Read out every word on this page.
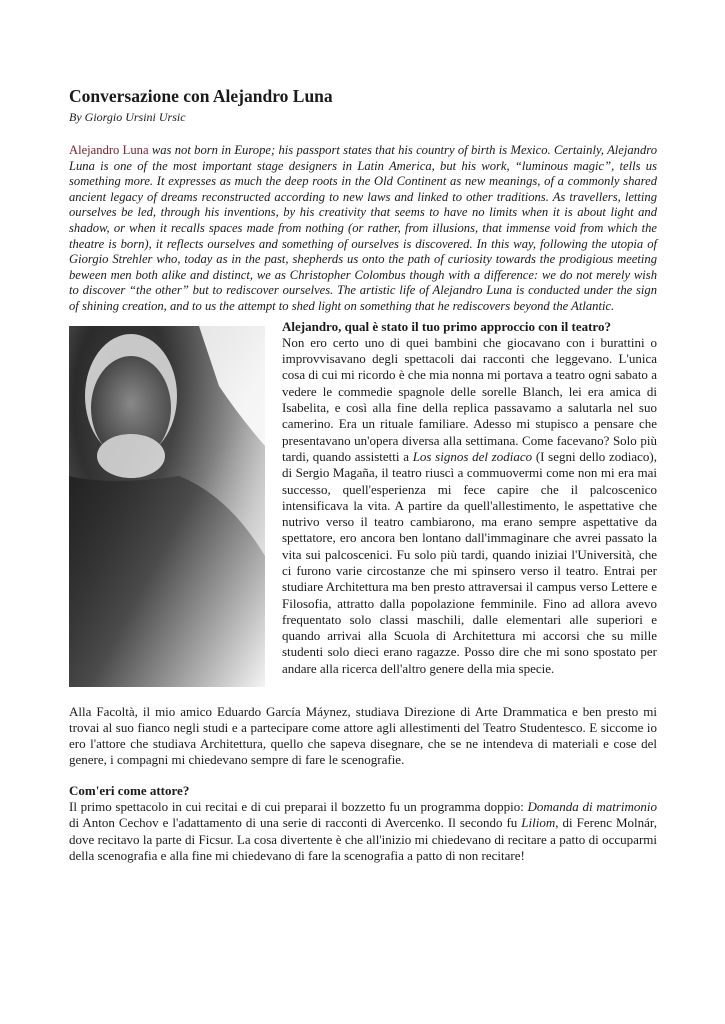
Conversazione con Alejandro Luna
By Giorgio Ursini Ursic
Alejandro Luna was not born in Europe; his passport states that his country of birth is Mexico. Certainly, Alejandro Luna is one of the most important stage designers in Latin America, but his work, “luminous magic”, tells us something more. It expresses as much the deep roots in the Old Continent as new meanings, of a commonly shared ancient legacy of dreams reconstructed according to new laws and linked to other traditions. As travellers, letting ourselves be led, through his inventions, by his creativity that seems to have no limits when it is about light and shadow, or when it recalls spaces made from nothing (or rather, from illusions, that immense void from which the theatre is born), it reflects ourselves and something of ourselves is discovered. In this way, following the utopia of Giorgio Strehler who, today as in the past, shepherds us onto the path of curiosity towards the prodigious meeting beween men both alike and distinct, we as Christopher Colombus though with a difference: we do not merely wish to discover “the other” but to rediscover ourselves. The artistic life of Alejandro Luna is conducted under the sign of shining creation, and to us the attempt to shed light on something that he rediscovers beyond the Atlantic.
Alejandro, qual è stato il tuo primo approccio con il teatro?
Non ero certo uno di quei bambini che giocavano con i burattini o improvvisavano degli spettacoli dai racconti che leggevano. L'unica cosa di cui mi ricordo è che mia nonna mi portava a teatro ogni sabato a vedere le commedie spagnole delle sorelle Blanch, lei era amica di Isabelita, e così alla fine della replica passavamo a salutarla nel suo camerino. Era un rituale familiare. Adesso mi stupisco a pensare che presentavano un'opera diversa alla settimana. Come facevano? Solo più tardi, quando assistetti a Los signos del zodiaco (I segni dello zodiaco), di Sergio Magaña, il teatro riuscì a commuovermi come non mi era mai successo, quell'esperienza mi fece capire che il palcoscenico intensificava la vita. A partire da quell'allestimento, le aspettative che nutrivo verso il teatro cambiarono, ma erano sempre aspettative da spettatore, ero ancora ben lontano dall'immaginare che avrei passato la vita sui palcoscenici. Fu solo più tardi, quando iniziai l'Università, che ci furono varie circostanze che mi spinsero verso il teatro. Entrai per studiare Architettura ma ben presto attraversai il campus verso Lettere e Filosofia, attratto dalla popolazione femminile. Fino ad allora avevo frequentato solo classi maschili, dalle elementari alle superiori e quando arrivai alla Scuola di Architettura mi accorsi che su mille studenti solo dieci erano ragazze. Posso dire che mi sono spostato per andare alla ricerca dell'altro genere della mia specie.
Alla Facoltà, il mio amico Eduardo García Máynez, studiava Direzione di Arte Drammatica e ben presto mi trovai al suo fianco negli studi e a partecipare come attore agli allestimenti del Teatro Studentesco. E siccome io ero l'attore che studiava Architettura, quello che sapeva disegnare, che se ne intendeva di materiali e cose del genere, i compagni mi chiedevano sempre di fare le scenografie.
Com'eri come attore?
Il primo spettacolo in cui recitai e di cui preparai il bozzetto fu un programma doppio: Domanda di matrimonio di Anton Cechov e l'adattamento di una serie di racconti di Avercenko. Il secondo fu Liliom, di Ferenc Molnár, dove recitavo la parte di Ficsur. La cosa divertente è che all'inizio mi chiedevano di recitare a patto di occuparmi della scenografia e alla fine mi chiedevano di fare la scenografia a patto di non recitare!
